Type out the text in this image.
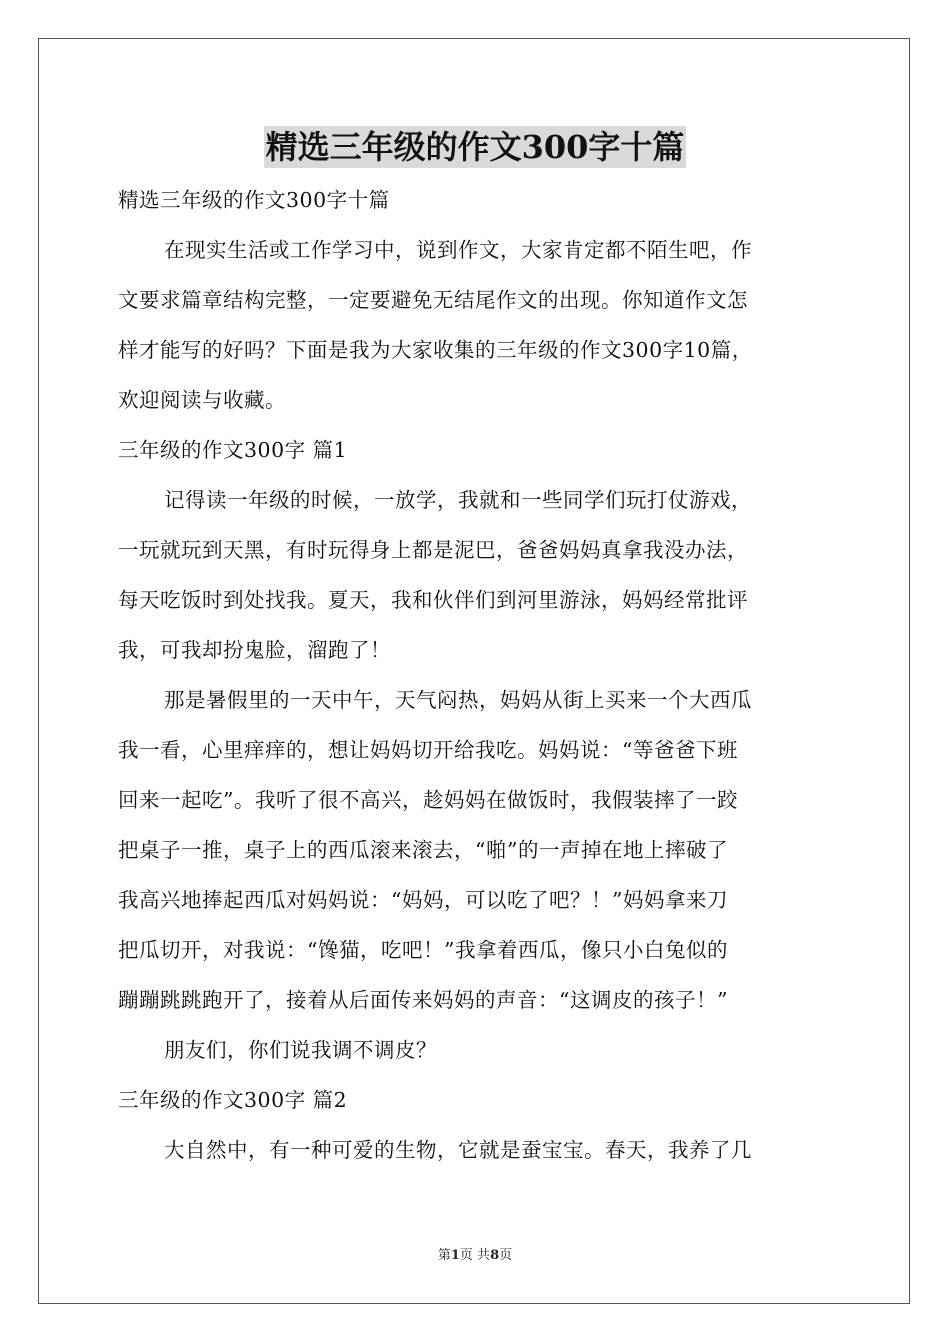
精选三年级的作文300字十篇
精选三年级的作文300字十篇
在现实生活或工作学习中，说到作文，大家肯定都不陌生吧，作
文要求篇章结构完整，一定要避免无结尾作文的出现。你知道作文怎
样才能写的好吗？下面是我为大家收集的三年级的作文300字10篇，
欢迎阅读与收藏。
三年级的作文300字 篇1
记得读一年级的时候，一放学，我就和一些同学们玩打仗游戏，
一玩就玩到天黑，有时玩得身上都是泥巴，爸爸妈妈真拿我没办法，
每天吃饭时到处找我。夏天，我和伙伴们到河里游泳，妈妈经常批评
我，可我却扮鬼脸，溜跑了！
那是暑假里的一天中午，天气闷热，妈妈从街上买来一个大西瓜
我一看，心里痒痒的，想让妈妈切开给我吃。妈妈说：“等爸爸下班
回来一起吃”。我听了很不高兴，趁妈妈在做饭时，我假装摔了一跤
把桌子一推，桌子上的西瓜滚来滚去，“啪”的一声掉在地上摔破了
我高兴地捧起西瓜对妈妈说：“妈妈，可以吃了吧？！”妈妈拿来刀
把瓜切开，对我说：“馋猫，吃吧！”我拿着西瓜，像只小白兔似的
蹦蹦跳跳跑开了，接着从后面传来妈妈的声音：“这调皮的孩子！”
朋友们，你们说我调不调皮？
三年级的作文300字 篇2
大自然中，有一种可爱的生物，它就是蚕宝宝。春天，我养了几
第1页 共8页
